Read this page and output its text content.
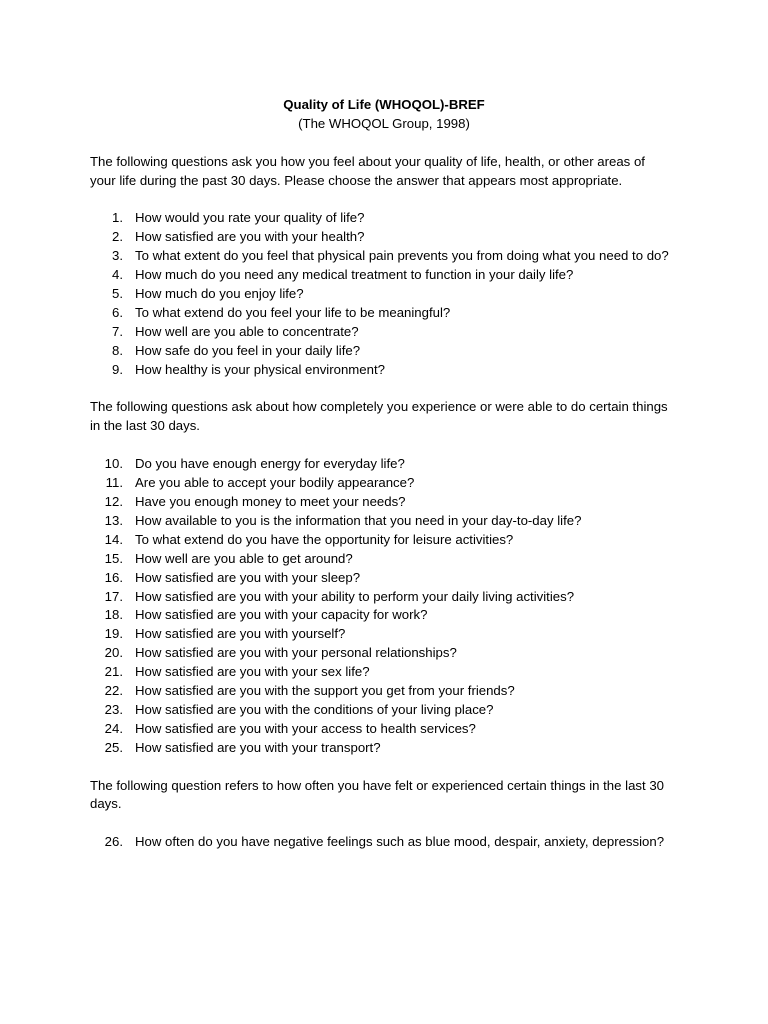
Quality of Life (WHOQOL)-BREF

(The WHOQOL Group, 1998)

The following questions ask you how you feel about your quality of life, health, or other areas of your life during the past 30 days. Please choose the answer that appears most appropriate.

1. How would you rate your quality of life?
2. How satisfied are you with your health?
3. To what extent do you feel that physical pain prevents you from doing what you need to do?
4. How much do you need any medical treatment to function in your daily life?
5. How much do you enjoy life?
6. To what extend do you feel your life to be meaningful?
7. How well are you able to concentrate?
8. How safe do you feel in your daily life?
9. How healthy is your physical environment?

The following questions ask about how completely you experience or were able to do certain things in the last 30 days.

10. Do you have enough energy for everyday life?
11. Are you able to accept your bodily appearance?
12. Have you enough money to meet your needs?
13. How available to you is the information that you need in your day-to-day life?
14. To what extend do you have the opportunity for leisure activities?
15. How well are you able to get around?
16. How satisfied are you with your sleep?
17. How satisfied are you with your ability to perform your daily living activities?
18. How satisfied are you with your capacity for work?
19. How satisfied are you with yourself?
20. How satisfied are you with your personal relationships?
21. How satisfied are you with your sex life?
22. How satisfied are you with the support you get from your friends?
23. How satisfied are you with the conditions of your living place?
24. How satisfied are you with your access to health services?
25. How satisfied are you with your transport?

The following question refers to how often you have felt or experienced certain things in the last 30 days.

26. How often do you have negative feelings such as blue mood, despair, anxiety, depression?
